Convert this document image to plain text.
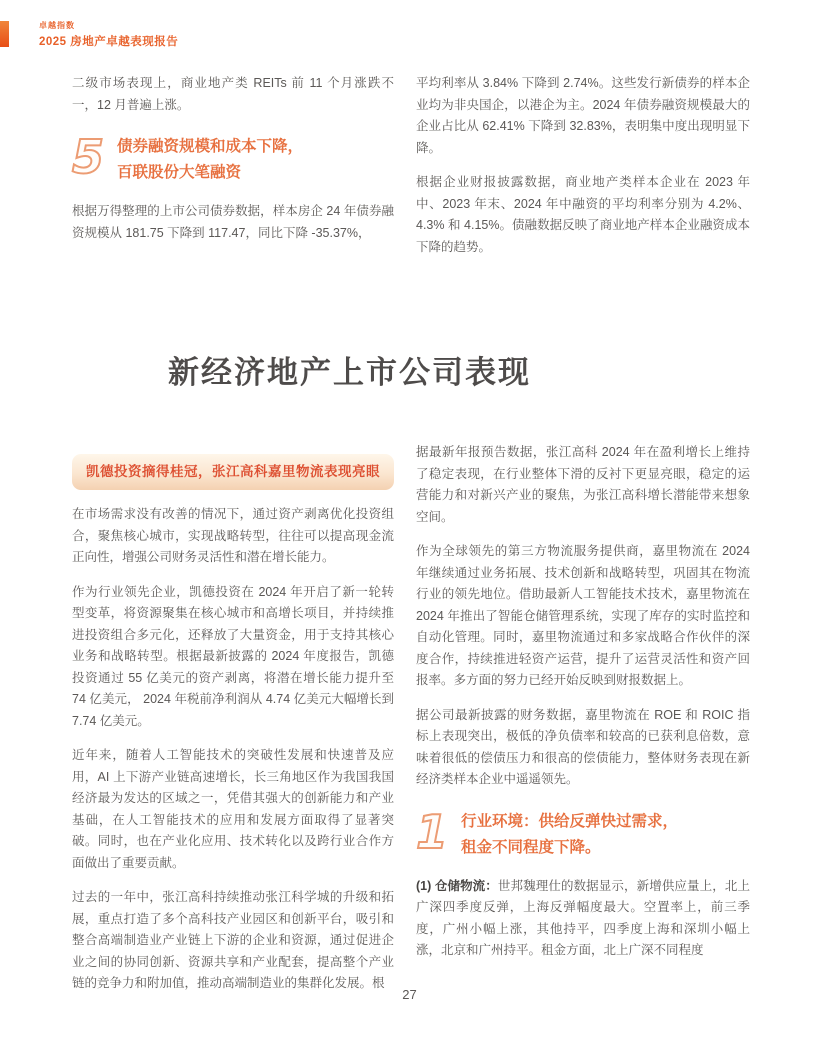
卓越指数
2025 房地产卓越表现报告

二级市场表现上，商业地产类 REITs 前 11 个月涨跌不一，12 月普遍上涨。

5 债券融资规模和成本下降，
百联股份大笔融资

根据万得整理的上市公司债券数据，样本房企 24 年债券融资规模从 181.75 下降到 117.47，同比下降 -35.37%，

平均利率从 3.84% 下降到 2.74%。这些发行新债券的样本企业均为非央国企，以港企为主。2024 年债券融资规模最大的企业占比从 62.41% 下降到 32.83%，表明集中度出现明显下降。

根据企业财报披露数据，商业地产类样本企业在 2023 年中、2023 年末、2024 年中融资的平均利率分别为 4.2%、4.3% 和 4.15%。债融数据反映了商业地产样本企业融资成本下降的趋势。

新经济地产上市公司表现
凯德投资摘得桂冠，张江高科嘉里物流表现亮眼

在市场需求没有改善的情况下，通过资产剥离优化投资组合，聚焦核心城市，实现战略转型，往往可以提高现金流正向性，增强公司财务灵活性和潜在增长能力。

作为行业领先企业，凯德投资在 2024 年开启了新一轮转型变革，将资源聚集在核心城市和高增长项目，并持续推进投资组合多元化，还释放了大量资金，用于支持其核心业务和战略转型。根据最新披露的 2024 年度报告，凯德投资通过 55 亿美元的资产剥离，将潜在增长能力提升至 74 亿美元， 2024 年税前净利润从 4.74 亿美元大幅增长到 7.74 亿美元。

近年来，随着人工智能技术的突破性发展和快速普及应用，AI 上下游产业链高速增长，长三角地区作为我国我国经济最为发达的区域之一，凭借其强大的创新能力和产业基础，在人工智能技术的应用和发展方面取得了显著突破。同时，也在产业化应用、技术转化以及跨行业合作方面做出了重要贡献。

过去的一年中，张江高科持续推动张江科学城的升级和拓展，重点打造了多个高科技产业园区和创新平台，吸引和整合高端制造业产业链上下游的企业和资源，通过促进企业之间的协同创新、资源共享和产业配套，提高整个产业链的竞争力和附加值，推动高端制造业的集群化发展。根

据最新年报预告数据，张江高科 2024 年在盈利增长上维持了稳定表现，在行业整体下滑的反衬下更显亮眼，稳定的运营能力和对新兴产业的聚焦，为张江高科增长潜能带来想象空间。

作为全球领先的第三方物流服务提供商，嘉里物流在 2024 年继续通过业务拓展、技术创新和战略转型，巩固其在物流行业的领先地位。借助最新人工智能技术技术，嘉里物流在 2024 年推出了智能仓储管理系统，实现了库存的实时监控和自动化管理。同时，嘉里物流通过和多家战略合作伙伴的深度合作，持续推进轻资产运营，提升了运营灵活性和资产回报率。多方面的努力已经开始反映到财报数据上。

据公司最新披露的财务数据，嘉里物流在 ROE 和 ROIC 指标上表现突出，极低的净负债率和较高的已获利息倍数，意味着很低的偿债压力和很高的偿债能力，整体财务表现在新经济类样本企业中遥遥领先。

1 行业环境：供给反弹快过需求，
租金不同程度下降。

(1) 仓储物流：世邦魏理仕的数据显示，新增供应量上，北上广深四季度反弹，上海反弹幅度最大。空置率上，前三季度，广州小幅上涨，其他持平，四季度上海和深圳小幅上涨，北京和广州持平。租金方面，北上广深不同程度

27
